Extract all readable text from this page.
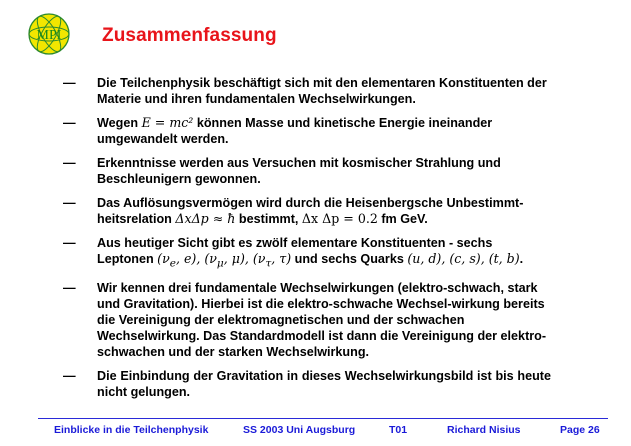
MPI Zusammenfassung
— Die Teilchenphysik beschäftigt sich mit den elementaren Konstituenten der Materie und ihren fundamentalen Wechselwirkungen.
— Wegen E = mc² können Masse und kinetische Energie ineinander umgewandelt werden.
— Erkenntnisse werden aus Versuchen mit kosmischer Strahlung und Beschleunigern gewonnen.
— Das Auflösungsvermögen wird durch die Heisenbergsche Unbestimmt-heitsrelation ΔxΔp ≈ ħ bestimmt, Δx Δp = 0.2 fm GeV.
— Aus heutiger Sicht gibt es zwölf elementare Konstituenten - sechs Leptonen ($\nu_e$, e), ($\nu_\mu$, μ), ($\nu_\tau$, τ) und sechs Quarks (u, d), (c, s), (t, b).
— Wir kennen drei fundamentale Wechselwirkungen (elektro-schwach, stark und Gravitation). Hierbei ist die elektro-schwache Wechsel-wirkung bereits die Vereinigung der elektromagnetischen und der schwachen Wechselwirkung. Das Standardmodell ist dann die Vereinigung der elektro-schwachen und der starken Wechselwirkung.
— Die Einbindung der Gravitation in dieses Wechselwirkungsbild ist bis heute nicht gelungen.
Einblicke in die Teilchenphysik	SS 2003 Uni Augsburg	T01	Richard Nisius	Page 26
